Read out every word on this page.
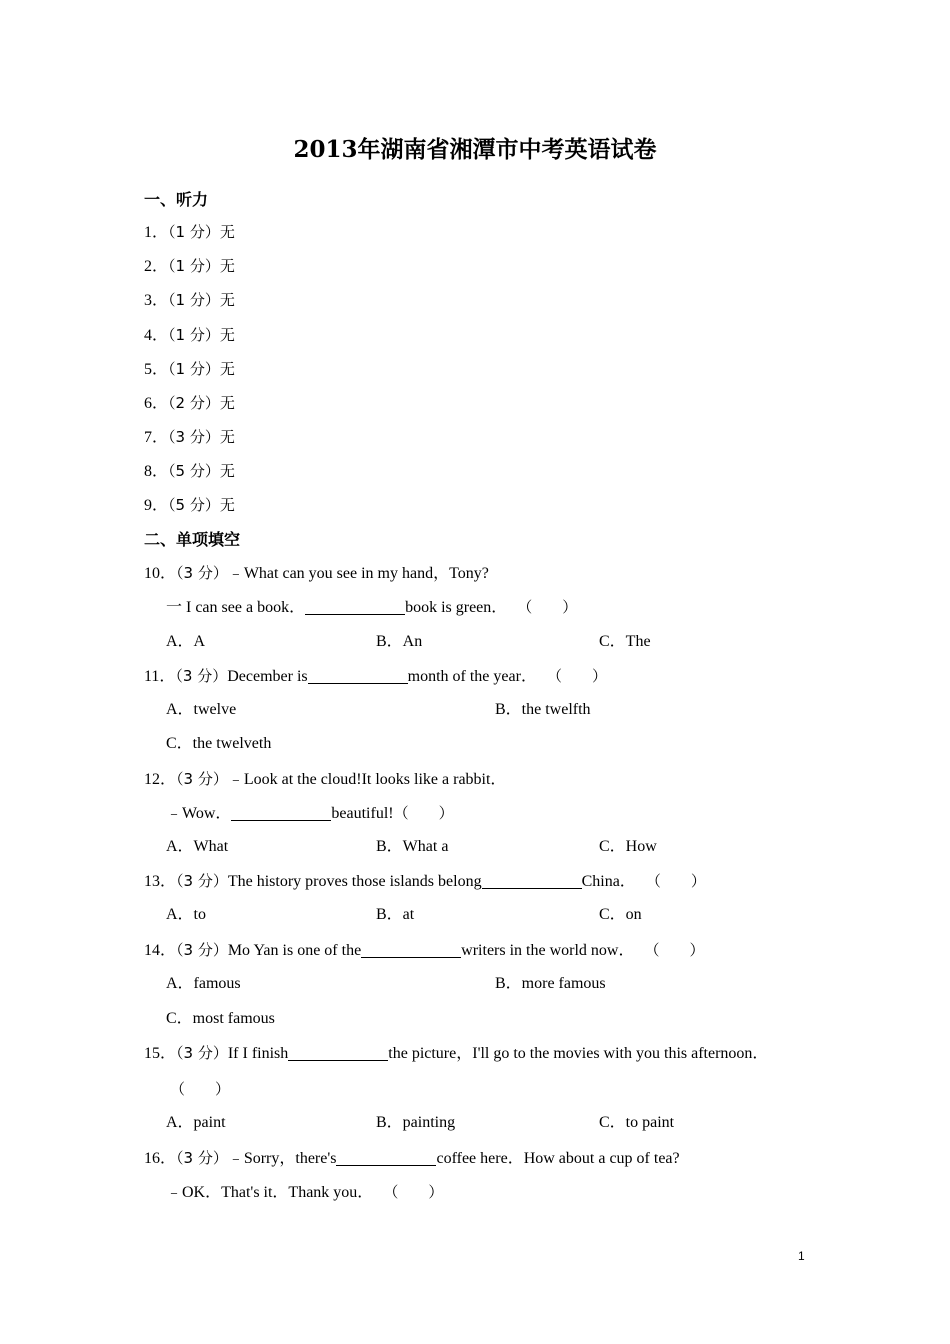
2013年湖南省湘潭市中考英语试卷
一、听力
1．（1 分）无
2．（1 分）无
3．（1 分）无
4．（1 分）无
5．（1 分）无
6．（2 分）无
7．（3 分）无
8．（5 分）无
9．（5 分）无
二、单项填空
10．（3 分）﹣What can you see in my hand，Tony?
一 I can see a book．	book is green． （　　）
A．A	B．An	C．The
11．（3 分）December is	month of the year． （　　）
A．twelve	B．the twelfth
C．the twelveth
12．（3 分）﹣Look at the cloud!It looks like a rabbit．
﹣Wow．	beautiful!（　　）
A．What	B．What a	C．How
13．（3 分）The history proves those islands belong	China． （　　）
A．to	B．at	C．on
14．（3 分）Mo Yan is one of the	writers in the world now． （　　）
A．famous	B．more famous
C．most famous
15．（3 分）If I finish	the picture，I'll go to the movies with you this afternoon．
（　　）
A．paint	B．painting	C．to paint
16．（3 分）﹣Sorry，there's	coffee here．How about a cup of tea?
﹣OK．That's it．Thank you． （　　）
1
